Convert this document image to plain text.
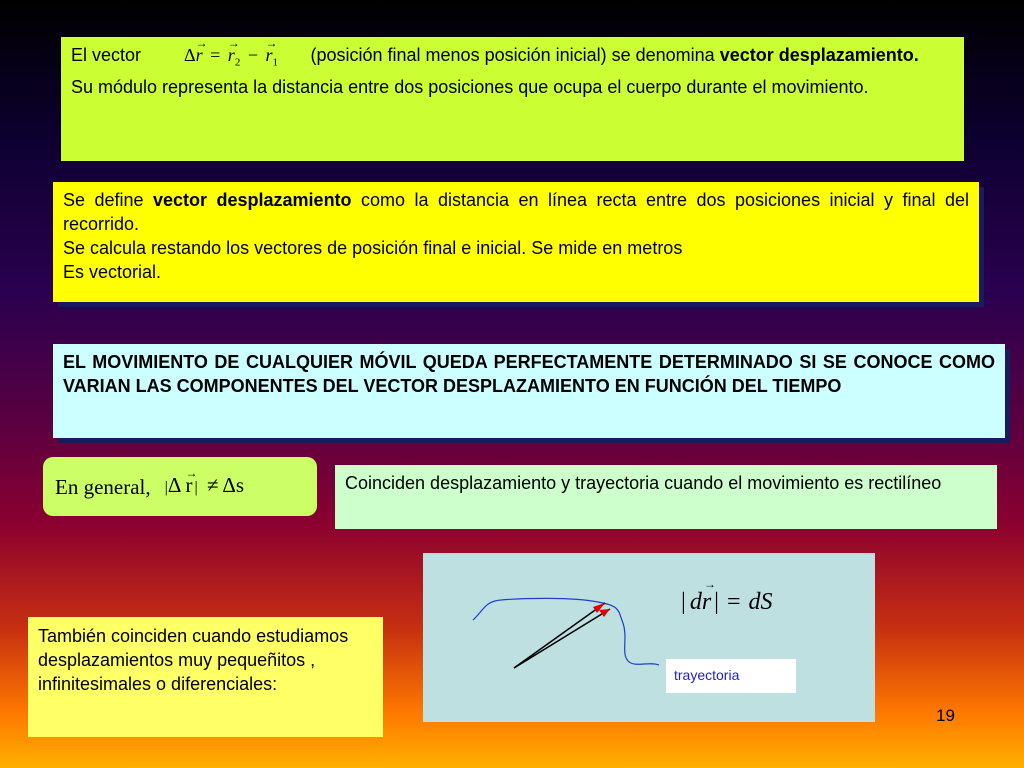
El vector Δ→ r = → $r_2$ − → $r_1$ (posición final menos posición inicial) se denomina vector desplazamiento.
Su módulo representa la distancia entre dos posiciones que ocupa el cuerpo durante el movimiento.
Se define vector desplazamiento como la distancia en línea recta entre dos posiciones inicial y final del recorrido.
Se calcula restando los vectores de posición final e inicial. Se mide en metros
Es vectorial.
EL MOVIMIENTO DE CUALQUIER MÓVIL QUEDA PERFECTAMENTE DETERMINADO SI SE CONOCE COMO VARIAN LAS COMPONENTES DEL VECTOR DESPLAZAMIENTO EN FUNCIÓN DEL TIEMPO
En general, |Δ → r | ≠ Δs	Coinciden desplazamiento y trayectoria cuando el movimiento es rectilíneo
| dr | = dS
→
trayectoria
También coinciden cuando estudiamos desplazamientos muy pequeñitos , infinitesimales o diferenciales:
19
